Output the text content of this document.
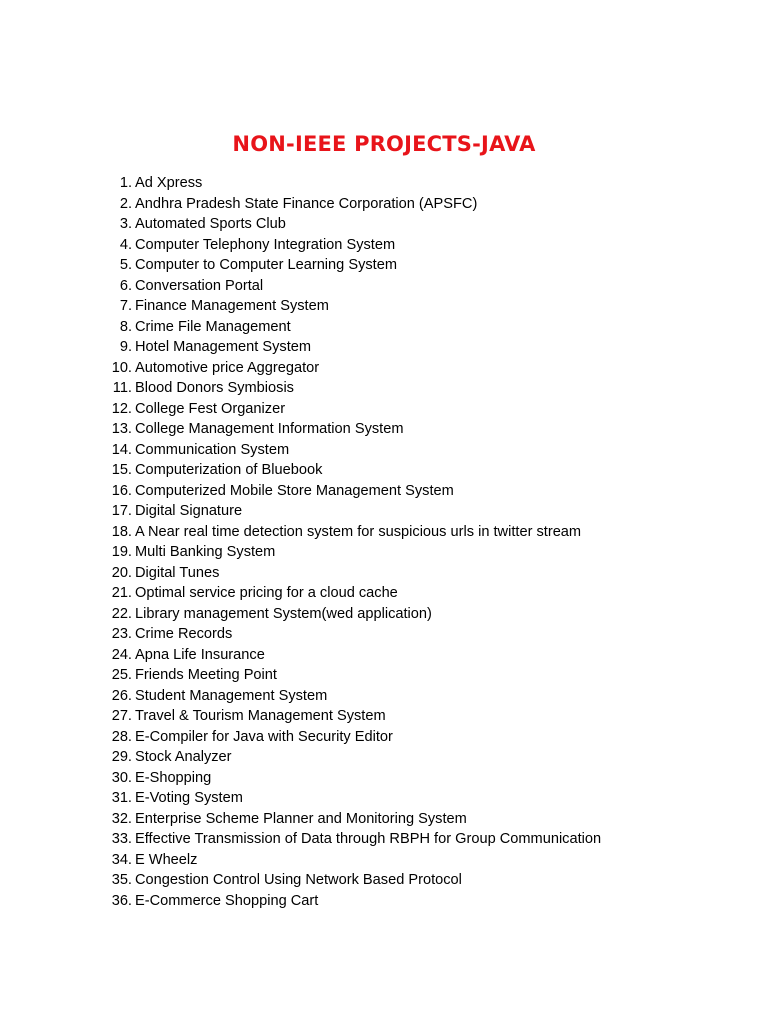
NON-IEEE PROJECTS-JAVA
1. Ad Xpress
2. Andhra Pradesh State Finance Corporation (APSFC)
3. Automated Sports Club
4. Computer Telephony Integration System
5. Computer to Computer Learning System
6. Conversation Portal
7. Finance Management System
8. Crime File Management
9. Hotel Management System
10. Automotive price Aggregator
11. Blood Donors Symbiosis
12. College Fest Organizer
13. College Management Information System
14. Communication System
15. Computerization of Bluebook
16. Computerized Mobile Store Management System
17. Digital Signature
18. A Near real time detection system for suspicious urls in twitter stream
19. Multi Banking System
20. Digital Tunes
21. Optimal service pricing for a cloud cache
22. Library management System(wed application)
23. Crime Records
24. Apna Life Insurance
25. Friends Meeting Point
26. Student Management System
27. Travel & Tourism Management System
28. E-Compiler for Java with Security Editor
29. Stock Analyzer
30. E-Shopping
31. E-Voting System
32. Enterprise Scheme Planner and Monitoring System
33. Effective Transmission of Data through RBPH for Group Communication
34. E Wheelz
35. Congestion Control Using Network Based Protocol
36. E-Commerce Shopping Cart
